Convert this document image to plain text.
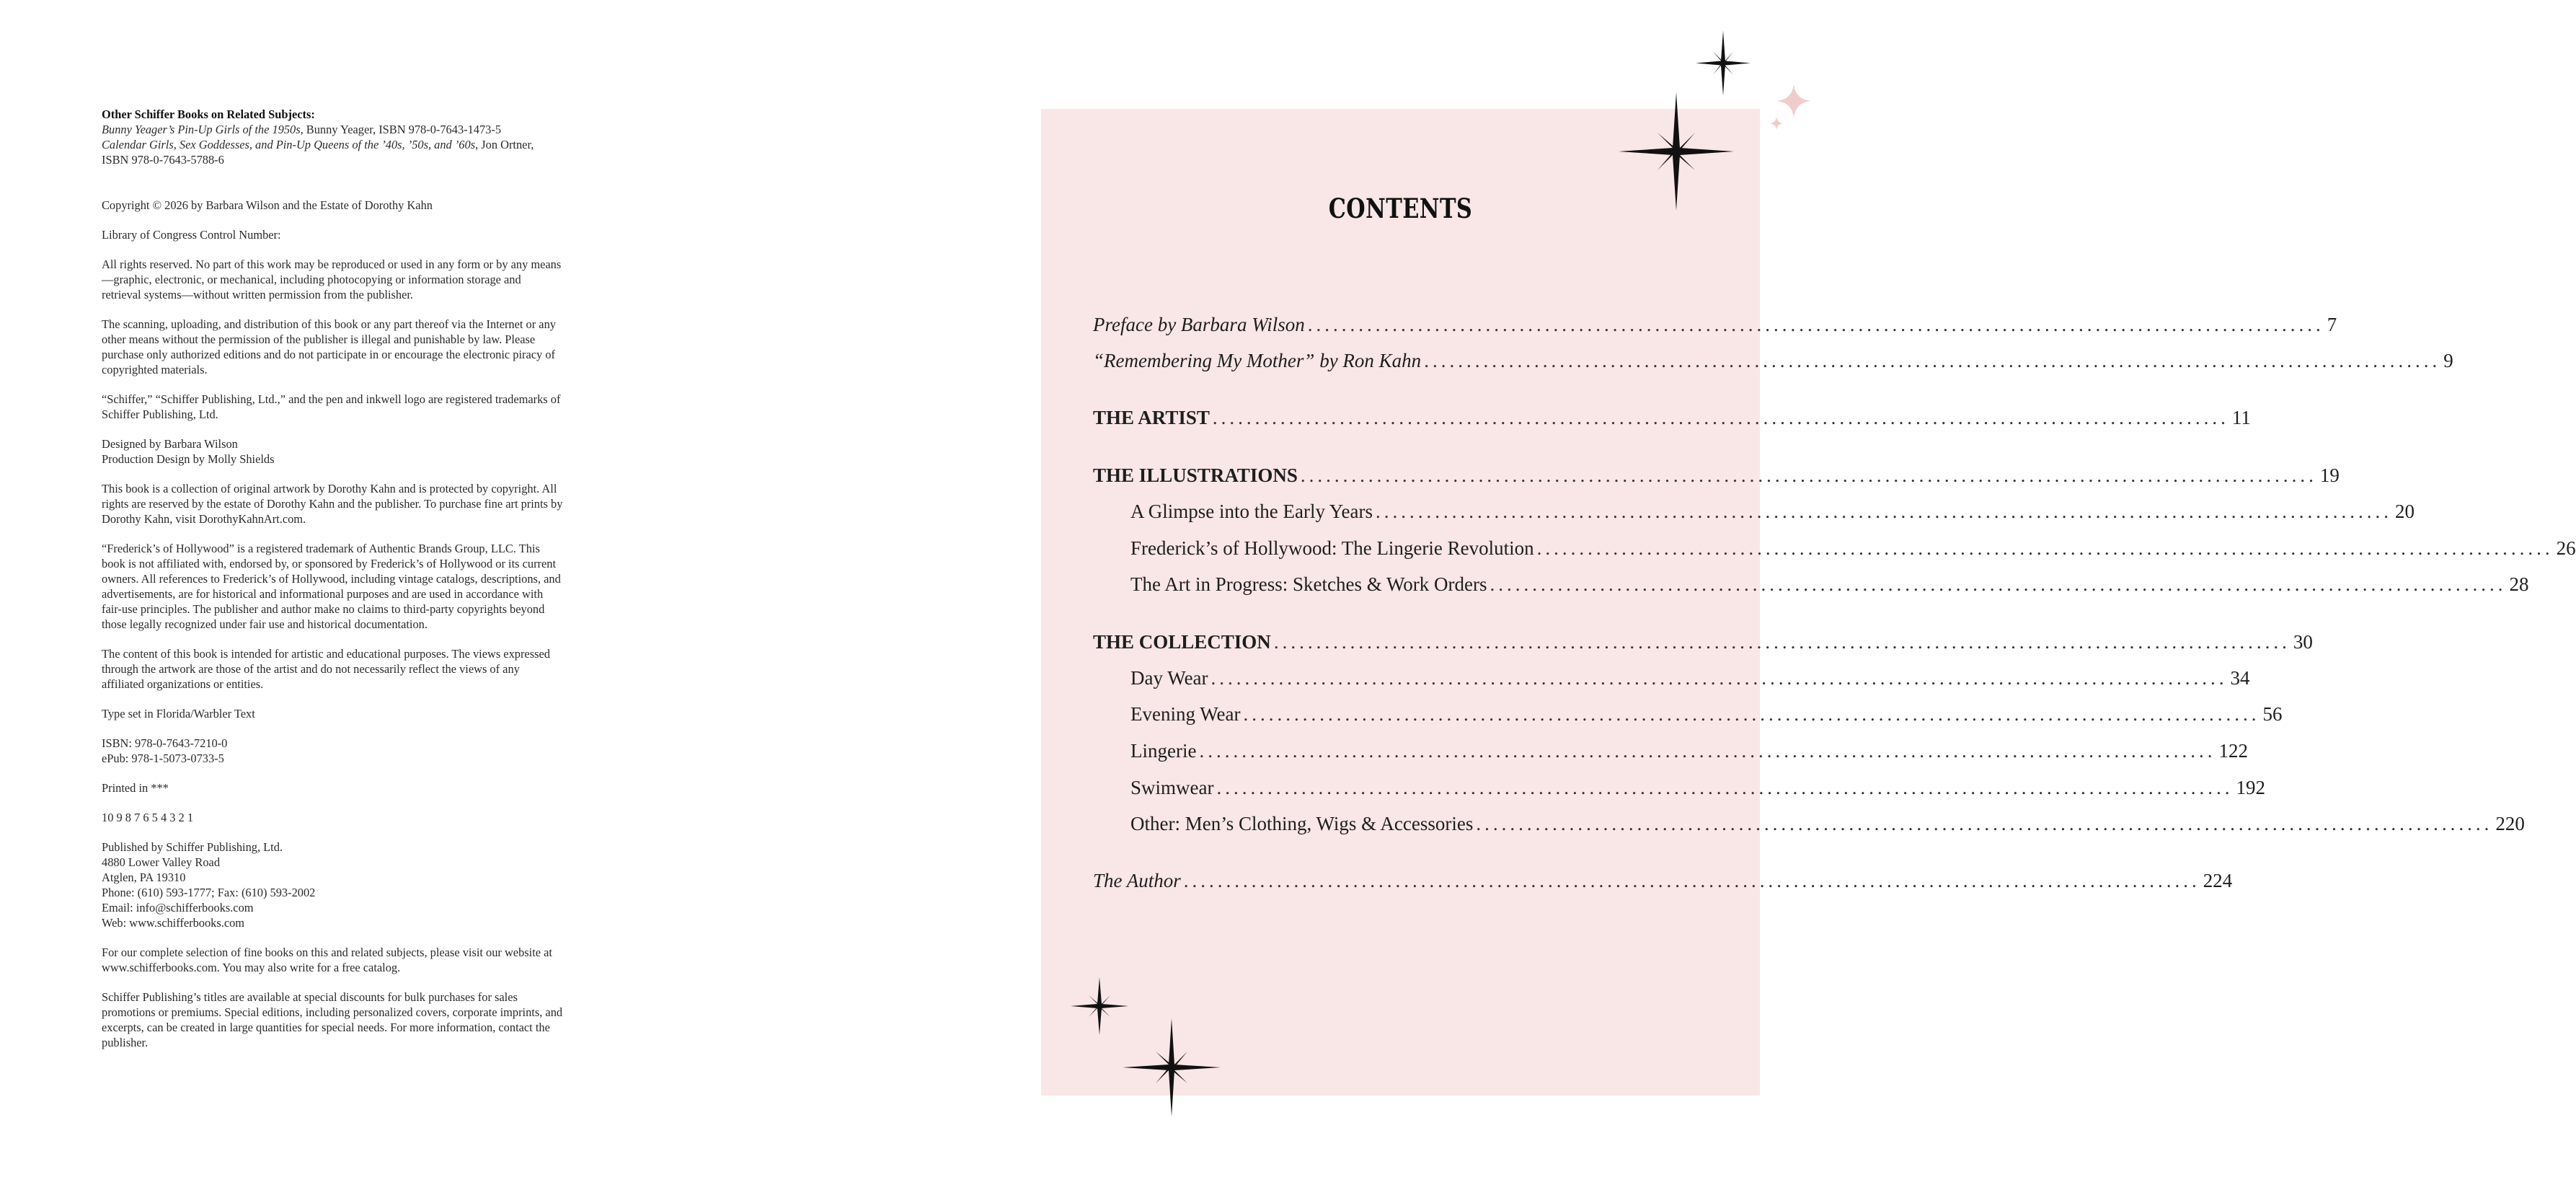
Other Schiffer Books on Related Subjects:

Bunny Yeager’s Pin-Up Girls of the 1950s, Bunny Yeager, ISBN 978-0-7643-1473-5

Calendar Girls, Sex Goddesses, and Pin-Up Queens of the ’40s, ’50s, and ’60s, Jon Ortner, ISBN 978-0-7643-5788-6

Copyright © 2026 by Barbara Wilson and the Estate of Dorothy Kahn

Library of Congress Control Number:

All rights reserved. No part of this work may be reproduced or used in any form or by any means—graphic, electronic, or mechanical, including photocopying or information storage and retrieval systems—without written permission from the publisher.

The scanning, uploading, and distribution of this book or any part thereof via the Internet or any other means without the permission of the publisher is illegal and punishable by law. Please purchase only authorized editions and do not participate in or encourage the electronic piracy of copyrighted materials.

“Schiffer,” “Schiffer Publishing, Ltd.,” and the pen and inkwell logo are registered trademarks of Schiffer Publishing, Ltd.

Designed by Barbara Wilson

Production Design by Molly Shields

This book is a collection of original artwork by Dorothy Kahn and is protected by copyright. All rights are reserved by the estate of Dorothy Kahn and the publisher. To purchase fine art prints by Dorothy Kahn, visit DorothyKahnArt.com.

“Frederick’s of Hollywood” is a registered trademark of Authentic Brands Group, LLC. This book is not affiliated with, endorsed by, or sponsored by Frederick’s of Hollywood or its current owners. All references to Frederick’s of Hollywood, including vintage catalogs, descriptions, and advertisements, are for historical and informational purposes and are used in accordance with fair-use principles. The publisher and author make no claims to third-party copyrights beyond those legally recognized under fair use and historical documentation.

The content of this book is intended for artistic and educational purposes. The views expressed through the artwork are those of the artist and do not necessarily reflect the views of any affiliated organizations or entities.

Type set in Florida/Warbler Text

ISBN: 978-0-7643-7210-0

ePub: 978-1-5073-0733-5

Printed in ***

10 9 8 7 6 5 4 3 2 1

Published by Schiffer Publishing, Ltd.

4880 Lower Valley Road

Atglen, PA 19310

Phone: (610) 593-1777; Fax: (610) 593-2002

Email: info@schifferbooks.com

Web: www.schifferbooks.com

For our complete selection of fine books on this and related subjects, please visit our website at www.schifferbooks.com. You may also write for a free catalog.

Schiffer Publishing’s titles are available at special discounts for bulk purchases for sales promotions or premiums. Special editions, including personalized covers, corporate imprints, and excerpts, can be created in large quantities for special needs. For more information, contact the publisher.

CONTENTS
Preface by Barbara Wilson ........................................................................................................................ 7
“Remembering My Mother” by Ron Kahn ........................................................................................................................ 9
THE ARTIST ........................................................................................................................ 11
THE ILLUSTRATIONS ........................................................................................................................ 19
A Glimpse into the Early Years ........................................................................................................................ 20
Frederick’s of Hollywood: The Lingerie Revolution ........................................................................................................................ 26
The Art in Progress: Sketches & Work Orders ........................................................................................................................ 28
THE COLLECTION ........................................................................................................................ 30
Day Wear ........................................................................................................................ 34
Evening Wear ........................................................................................................................ 56
Lingerie ........................................................................................................................ 122
Swimwear ........................................................................................................................ 192
Other: Men’s Clothing, Wigs & Accessories ........................................................................................................................ 220
The Author ........................................................................................................................ 224
